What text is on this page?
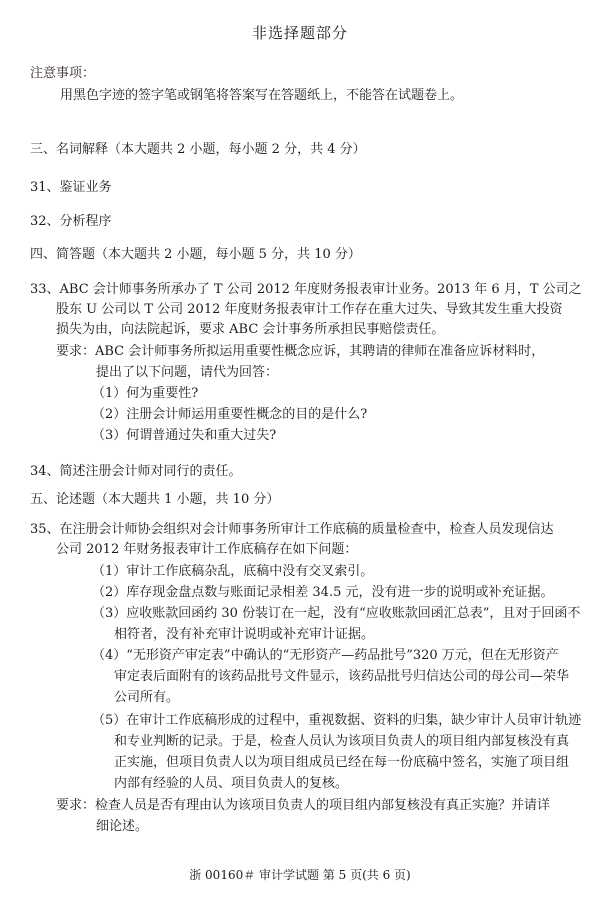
非选择题部分
注意事项：
用黑色字迹的签字笔或钢笔将答案写在答题纸上，不能答在试题卷上。
三、名词解释（本大题共 2 小题，每小题 2 分，共 4 分）
31、鉴证业务
32、分析程序
四、简答题（本大题共 2 小题，每小题 5 分，共 10 分）
33、ABC 会计师事务所承办了 T 公司 2012 年度财务报表审计业务。2013 年 6 月，T 公司之
股东 U 公司以 T 公司 2012 年度财务报表审计工作存在重大过失、导致其发生重大投资
损失为由，向法院起诉，要求 ABC 会计事务所承担民事赔偿责任。
要求：ABC 会计师事务所拟运用重要性概念应诉，其聘请的律师在准备应诉材料时，
提出了以下问题，请代为回答：
（1）何为重要性?
（2）注册会计师运用重要性概念的目的是什么?
（3）何谓普通过失和重大过失?
34、简述注册会计师对同行的责任。
五、论述题（本大题共 1 小题，共 10 分）
35、在注册会计师协会组织对会计师事务所审计工作底稿的质量检查中，检查人员发现信达
公司 2012 年财务报表审计工作底稿存在如下问题：
（1）审计工作底稿杂乱，底稿中没有交叉索引。
（2）库存现金盘点数与账面记录相差 34.5 元，没有进一步的说明或补充证据。
（3）应收账款回函约 30 份装订在一起，没有“应收账款回函汇总表”，且对于回函不
相符者，没有补充审计说明或补充审计证据。
（4）“无形资产审定表”中确认的“无形资产—药品批号”320 万元，但在无形资产
审定表后面附有的该药品批号文件显示，该药品批号归信达公司的母公司—荣华
公司所有。
（5）在审计工作底稿形成的过程中，重视数据、资料的归集，缺少审计人员审计轨迹
和专业判断的记录。于是，检查人员认为该项目负责人的项目组内部复核没有真
正实施，但项目负责人以为项目组成员已经在每一份底稿中签名，实施了项目组
内部有经验的人员、项目负责人的复核。
要求：检查人员是否有理由认为该项目负责人的项目组内部复核没有真正实施？并请详
细论述。
浙 00160＃ 审计学试题 第 5 页(共 6 页)
